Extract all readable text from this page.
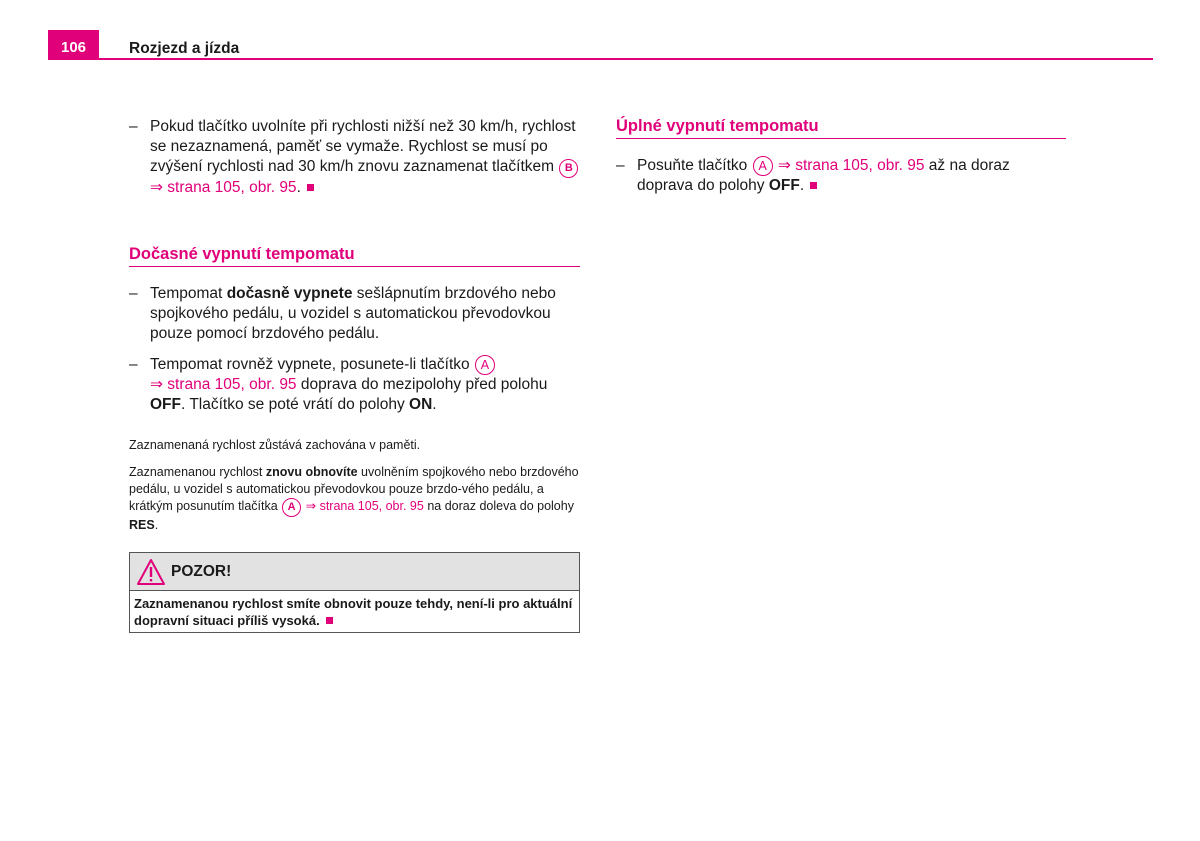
106	Rozjezd a jízda
– Pokud tlačítko uvolníte při rychlosti nižší než 30 km/h, rychlost se nezaznamená, paměť se vymaže. Rychlost se musí po zvýšení rychlosti nad 30 km/h znovu zaznamenat tlačítkem B ⇒ strana 105, obr. 95.
Dočasné vypnutí tempomatu
– Tempomat dočasně vypnete sešlápnutím brzdového nebo spojkového pedálu, u vozidel s automatickou převodovkou pouze pomocí brzdového pedálu.
– Tempomat rovněž vypnete, posunete-li tlačítko A
⇒ strana 105, obr. 95 doprava do mezipolohy před polohu OFF. Tlačítko se poté vrátí do polohy ON.
Zaznamenaná rychlost zůstává zachována v paměti.
Zaznamenanou rychlost znovu obnovíte uvolněním spojkového nebo brzdového pedálu, u vozidel s automatickou převodovkou pouze brzdo-vého pedálu, a krátkým posunutím tlačítka A ⇒ strana 105, obr. 95 na doraz doleva do polohy RES.
POZOR!
Zaznamenanou rychlost smíte obnovit pouze tehdy, není-li pro aktuální dopravní situaci příliš vysoká.
Úplné vypnutí tempomatu
– Posuňte tlačítko A ⇒ strana 105, obr. 95 až na doraz doprava do polohy OFF.
